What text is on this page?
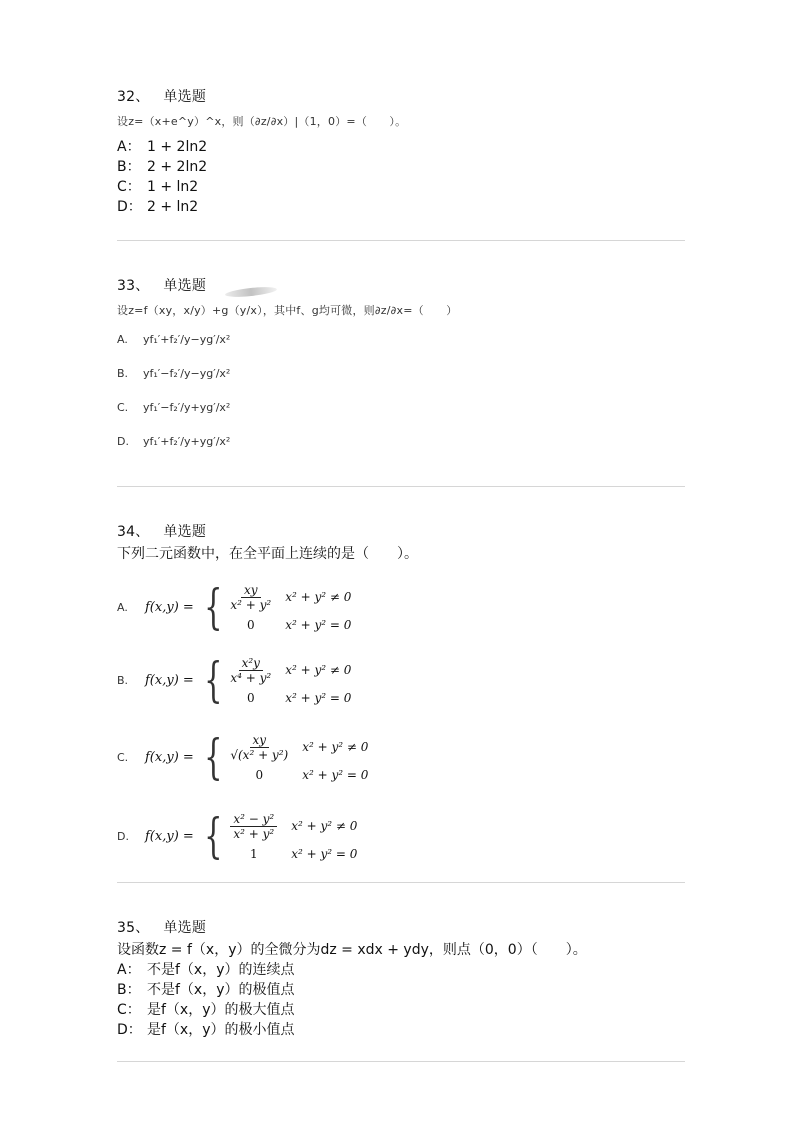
32、 单选题
设z=（x+e^y）^x，则（∂z/∂x）|（1，0）=（　　）。
A： 1 + 2ln2
B： 2 + 2ln2
C： 1 + ln2
D： 2 + ln2
33、 单选题
设z=f（xy，x/y）+g（y/x），其中f、g均可微，则∂z/∂x=（　　）
A. yf₁′+f₂′/y−yg′/x²
B. yf₁′−f₂′/y−yg′/x²
C. yf₁′−f₂′/y+yg′/x²
D. yf₁′+f₂′/y+yg′/x²
34、 单选题
下列二元函数中，在全平面上连续的是（　　）。
A.	f(x,y) = { $\frac{xy}{\text{x² + y²}} x^2 + y^2 \ne 0$
0	x² + y² = 0
B.	f(x,y) = { $\frac{\text{x²y}}{\text{x⁴ + y²}} x^2 + y^2 \ne 0$
0	x² + y² = 0
C.	f(x,y) = { $\frac{xy}{\text{√(x² + y²)}} x^2 + y^2 \ne 0$
0	x² + y² = 0
D.	f(x,y) = { $\frac{\text{x² − y²}}{\text{x² + y²}} x^2 + y^2 \ne 0$
1	x² + y² = 0
35、 单选题
设函数z = f（x，y）的全微分为dz = xdx + ydy，则点（0，0）（　　）。
A： 不是f（x，y）的连续点
B： 不是f（x，y）的极值点
C： 是f（x，y）的极大值点
D： 是f（x，y）的极小值点
